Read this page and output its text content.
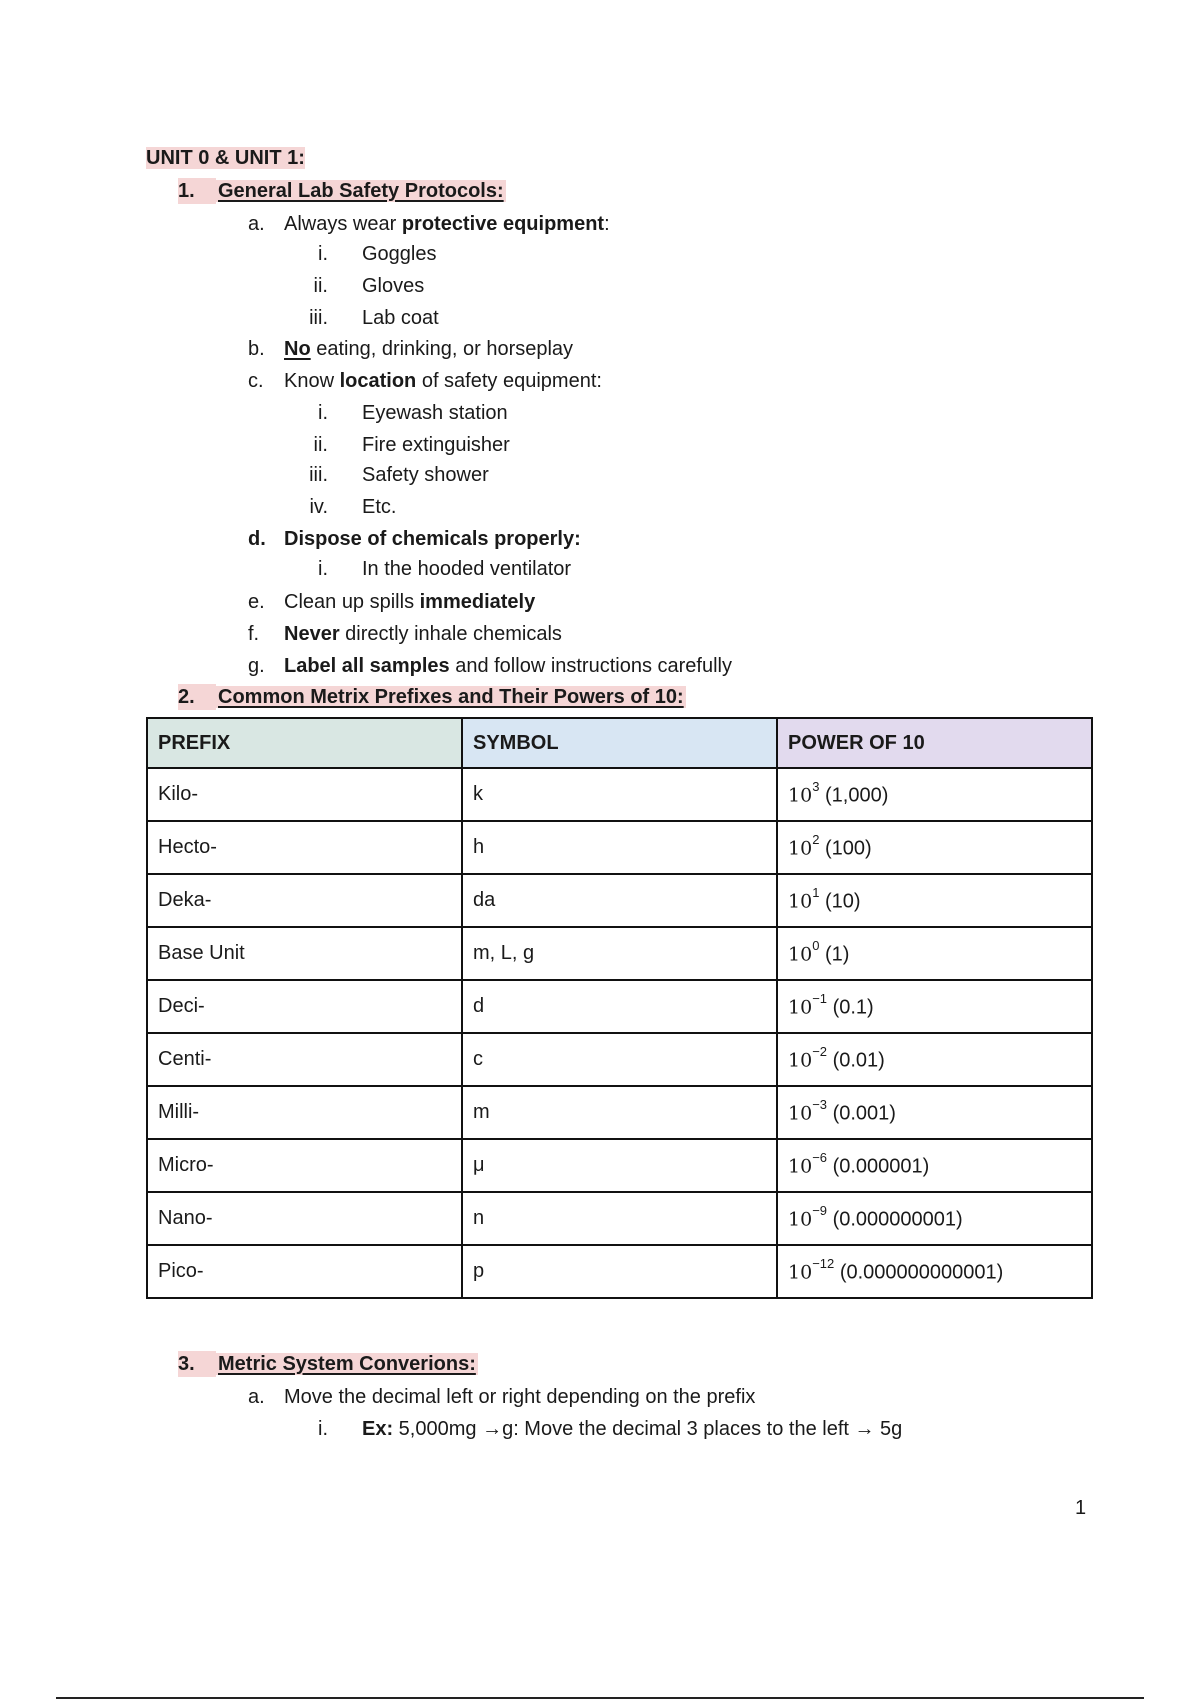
UNIT 0 & UNIT 1:
1. General Lab Safety Protocols:
a. Always wear protective equipment:
i. Goggles
ii. Gloves
iii. Lab coat
b. No eating, drinking, or horseplay
c. Know location of safety equipment:
i. Eyewash station
ii. Fire extinguisher
iii. Safety shower
iv. Etc.
d. Dispose of chemicals properly:
i. In the hooded ventilator
e. Clean up spills immediately
f. Never directly inhale chemicals
g. Label all samples and follow instructions carefully
2. Common Metrix Prefixes and Their Powers of 10:
PREFIX	SYMBOL	POWER OF 10
Kilo-	k	$10^3$ (1,000)
Hecto-	h	$10^2$ (100)
Deka-	da	$10^1$ (10)
Base Unit	m, L, g	$10^0$ (1)
Deci-	d	$10^{-1}$ (0.1)
Centi-	c	$10^{-2}$ (0.01)
Milli-	m	$10^{-3}$ (0.001)
Micro-	μ	$10^{-6}$ (0.000001)
Nano-	n	$10^{-9}$ (0.000000001)
Pico-	p	$10^{-12}$ (0.000000000001)
3. Metric System Converions:
a. Move the decimal left or right depending on the prefix
i. Ex: 5,000mg →g: Move the decimal 3 places to the left → 5g
1
